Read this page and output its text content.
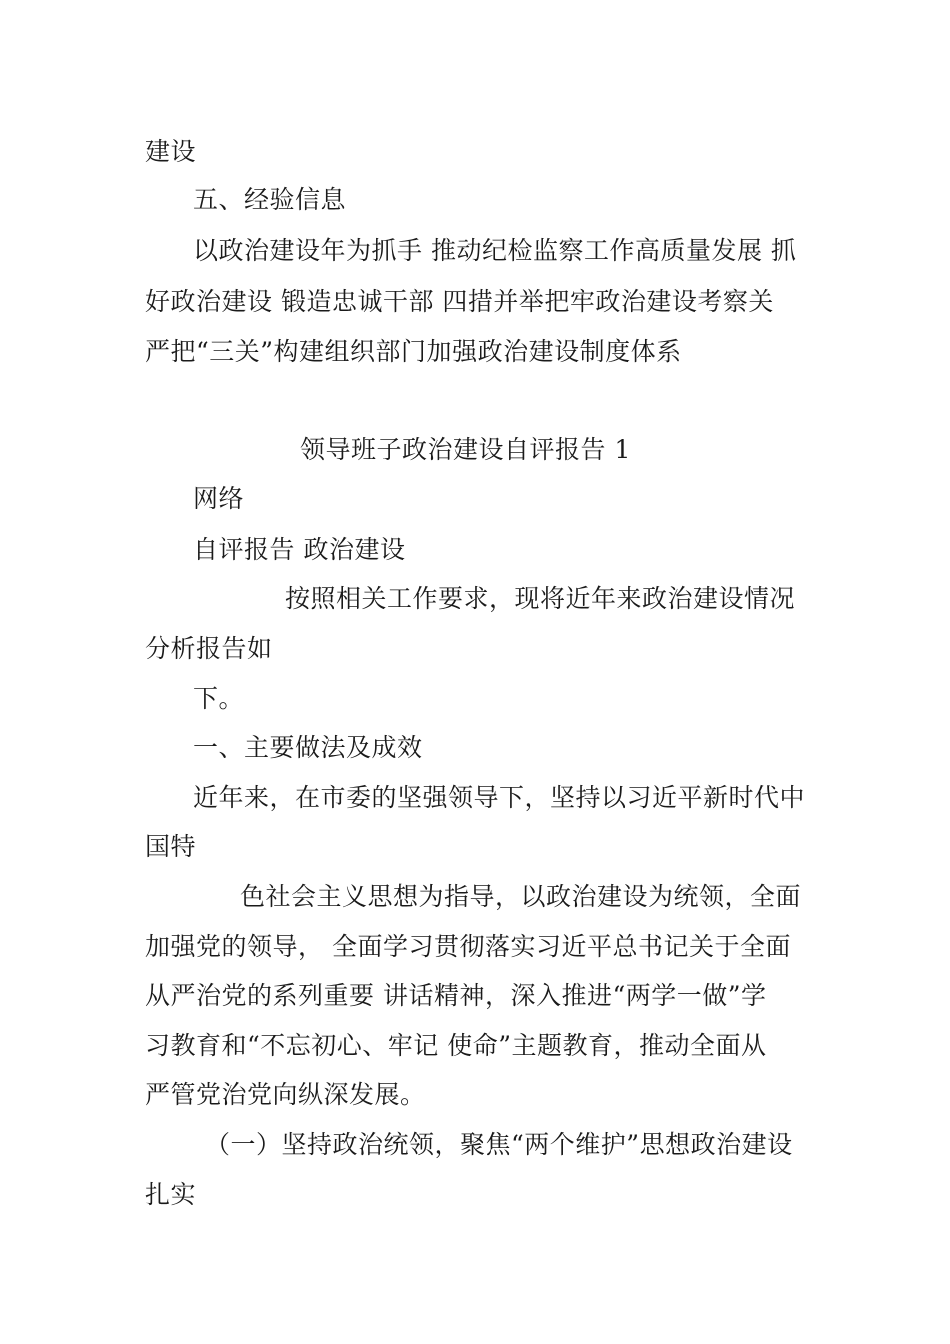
建设
五、经验信息
以政治建设年为抓手 推动纪检监察工作高质量发展 抓
好政治建设 锻造忠诚干部 四措并举把牢政治建设考察关
严把“三关”构建组织部门加强政治建设制度体系
领导班子政治建设自评报告 1
网络
自评报告 政治建设
按照相关工作要求，现将近年来政治建设情况
分析报告如
下。
一、主要做法及成效
近年来，在市委的坚强领导下，坚持以习近平新时代中
国特
色社会主义思想为指导，以政治建设为统领，全面
加强党的领导， 全面学习贯彻落实习近平总书记关于全面
从严治党的系列重要 讲话精神，深入推进“两学一做”学
习教育和“不忘初心、牢记 使命”主题教育，推动全面从
严管党治党向纵深发展。
（一）坚持政治统领，聚焦“两个维护”思想政治建设
扎实
